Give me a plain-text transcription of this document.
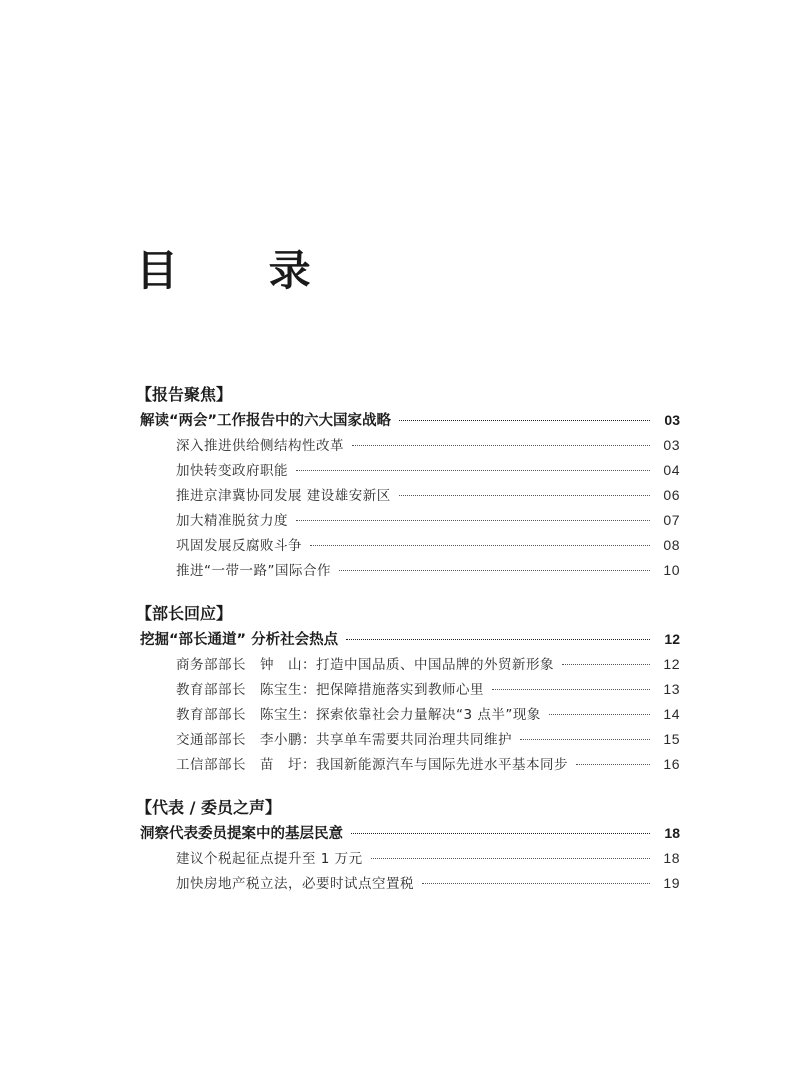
目 录
【报告聚焦】
解读“两会”工作报告中的六大国家战略	03
深入推进供给侧结构性改革	03
加快转变政府职能	04
推进京津冀协同发展 建设雄安新区	06
加大精准脱贫力度	07
巩固发展反腐败斗争	08
推进“一带一路”国际合作	10
【部长回应】
挖掘“部长通道” 分析社会热点	12
商务部部长　钟　山：打造中国品质、中国品牌的外贸新形象	12
教育部部长　陈宝生：把保障措施落实到教师心里	13
教育部部长　陈宝生：探索依靠社会力量解决“3 点半”现象	14
交通部部长　李小鹏：共享单车需要共同治理共同维护	15
工信部部长　苗　圩：我国新能源汽车与国际先进水平基本同步	16
【代表 / 委员之声】
洞察代表委员提案中的基层民意	18
建议个税起征点提升至 1 万元	18
加快房地产税立法，必要时试点空置税	19
